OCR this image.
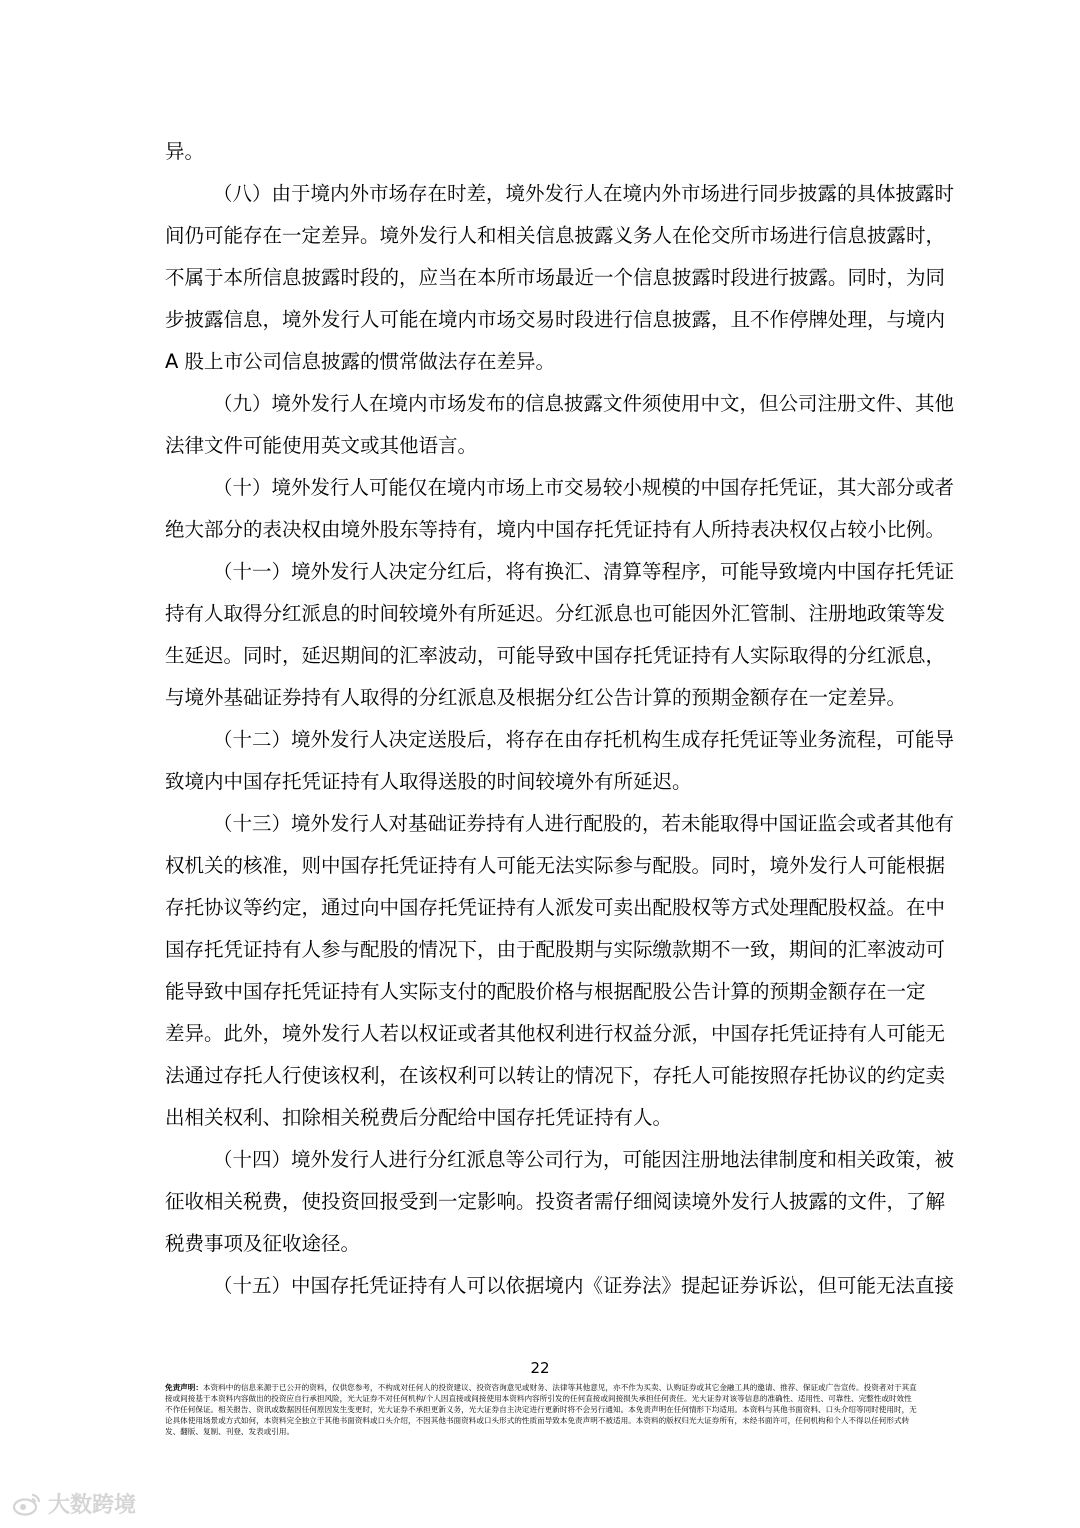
异。
（八）由于境内外市场存在时差，境外发行人在境内外市场进行同步披露的具体披露时
间仍可能存在一定差异。境外发行人和相关信息披露义务人在伦交所市场进行信息披露时，
不属于本所信息披露时段的，应当在本所市场最近一个信息披露时段进行披露。同时，为同
步披露信息，境外发行人可能在境内市场交易时段进行信息披露，且不作停牌处理，与境内
A 股上市公司信息披露的惯常做法存在差异。
（九）境外发行人在境内市场发布的信息披露文件须使用中文，但公司注册文件、其他
法律文件可能使用英文或其他语言。
（十）境外发行人可能仅在境内市场上市交易较小规模的中国存托凭证，其大部分或者
绝大部分的表决权由境外股东等持有，境内中国存托凭证持有人所持表决权仅占较小比例。
（十一）境外发行人决定分红后，将有换汇、清算等程序，可能导致境内中国存托凭证
持有人取得分红派息的时间较境外有所延迟。分红派息也可能因外汇管制、注册地政策等发
生延迟。同时，延迟期间的汇率波动，可能导致中国存托凭证持有人实际取得的分红派息，
与境外基础证券持有人取得的分红派息及根据分红公告计算的预期金额存在一定差异。
（十二）境外发行人决定送股后，将存在由存托机构生成存托凭证等业务流程，可能导
致境内中国存托凭证持有人取得送股的时间较境外有所延迟。
（十三）境外发行人对基础证券持有人进行配股的，若未能取得中国证监会或者其他有
权机关的核准，则中国存托凭证持有人可能无法实际参与配股。同时，境外发行人可能根据
存托协议等约定，通过向中国存托凭证持有人派发可卖出配股权等方式处理配股权益。在中
国存托凭证持有人参与配股的情况下，由于配股期与实际缴款期不一致，期间的汇率波动可
能导致中国存托凭证持有人实际支付的配股价格与根据配股公告计算的预期金额存在一定
差异。此外，境外发行人若以权证或者其他权利进行权益分派，中国存托凭证持有人可能无
法通过存托人行使该权利，在该权利可以转让的情况下，存托人可能按照存托协议的约定卖
出相关权利、扣除相关税费后分配给中国存托凭证持有人。
（十四）境外发行人进行分红派息等公司行为，可能因注册地法律制度和相关政策，被
征收相关税费，使投资回报受到一定影响。投资者需仔细阅读境外发行人披露的文件，了解
税费事项及征收途径。
（十五）中国存托凭证持有人可以依据境内《证券法》提起证券诉讼，但可能无法直接
22
免责声明：本资料中的信息来源于已公开的资料，仅供您参考，不构成对任何人的投资建议、投资咨询意见或财务、法律等其他意见，亦不作为买卖、认购证券或其它金融工具的邀请、推荐、保证或广告宣传。投资者对于其直接或间接基于本资料内容做出的投资应自行承担风险，光大证券不对任何机构/个人因直接或间接使用本资料内容所引发的任何直接或间接损失承担任何责任。光大证券对该等信息的准确性、适用性、可靠性、完整性或时效性不作任何保证。相关报告、资讯或数据因任何原因发生变更时，光大证券不承担更新义务，光大证券自主决定进行更新时将不会另行通知。本免责声明在任何情形下均适用。本资料与其他书面资料、口头介绍等同时使用时，无论具体使用场景或方式如何，本资料完全独立于其他书面资料或口头介绍，不因其他书面资料或口头形式的性质而导致本免责声明不被适用。本资料的版权归光大证券所有，未经书面许可，任何机构和个人不得以任何形式转发、翻版、复制、刊登、发表或引用。
大数跨境
